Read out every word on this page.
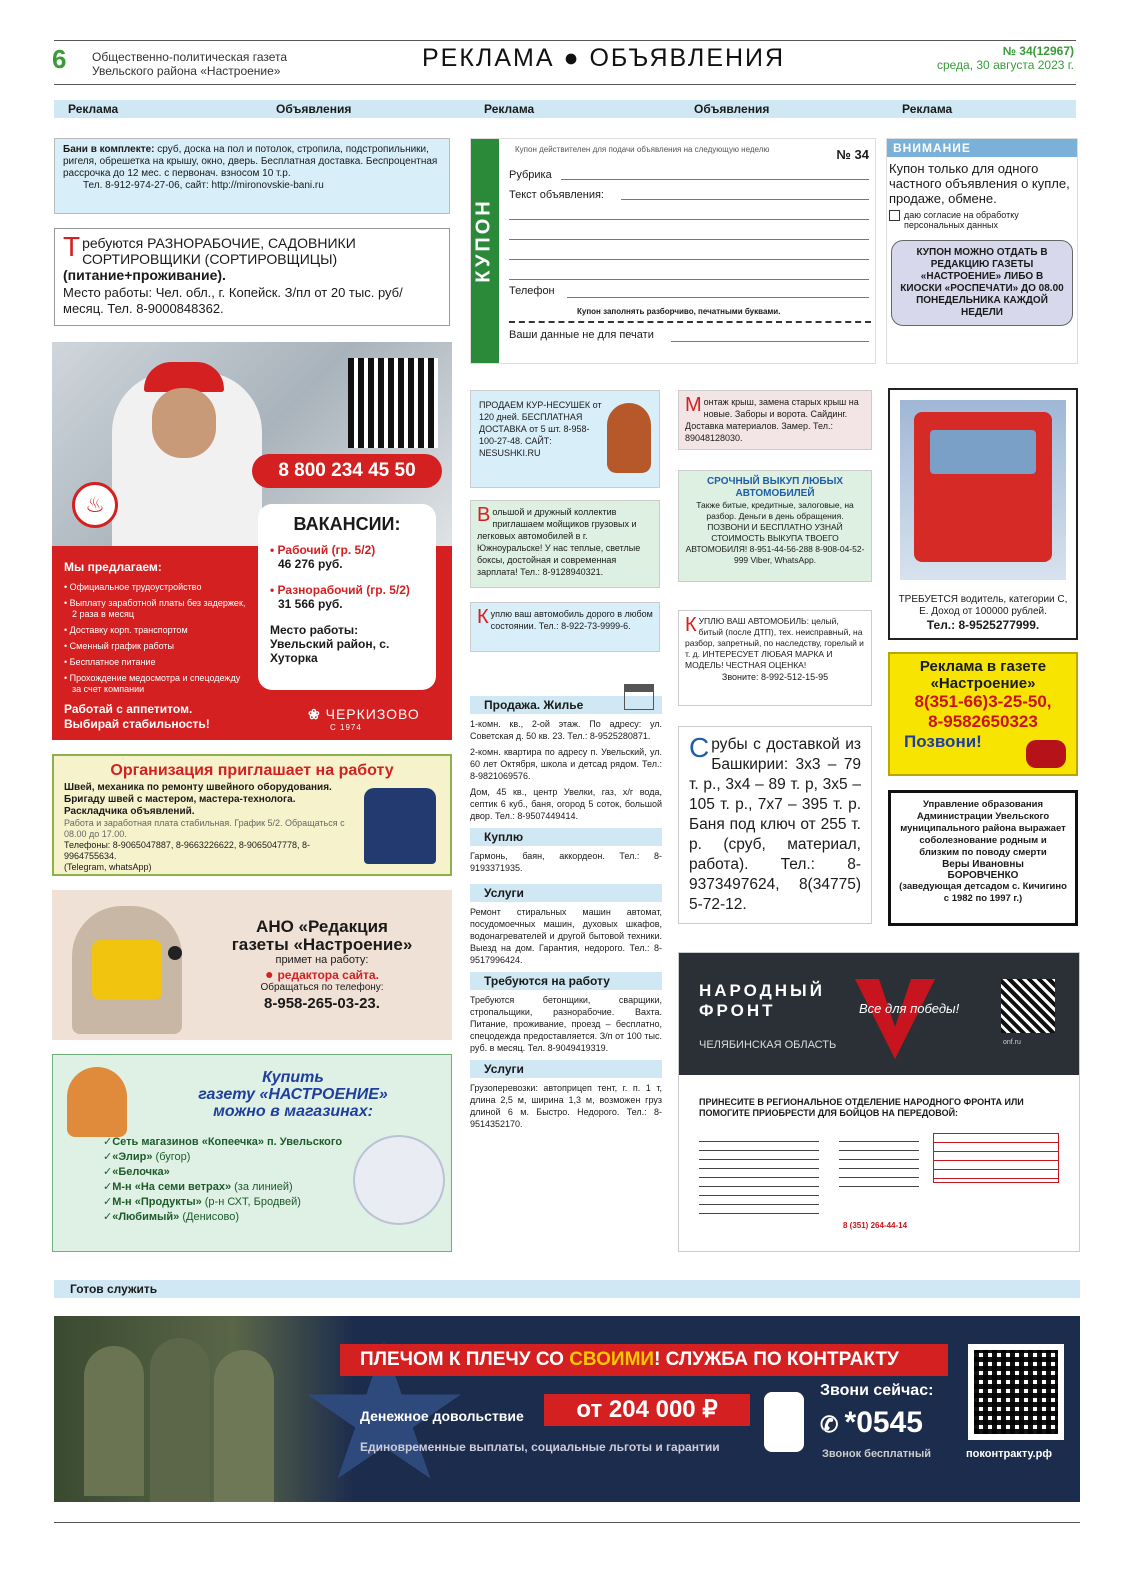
6 Общественно-политическая газета
Увельского района «Настроение»	РЕКЛАМА ● ОБЪЯВЛЕНИЯ	№ 34(12967)
среда, 30 августа 2023 г.
Реклама	Объявления	Реклама	Объявления	Реклама
Бани в комплекте: сруб, доска на пол и потолок, стропила, подстропильники, ригеля, обрешетка на крышу, окно, дверь. Бесплатная доставка. Беспроцентная рассрочка до 12 мес. с первонач. взносом 10 т.р.
Тел. 8-912-974-27-06, сайт: http://mironovskie-bani.ru
Требуются РАЗНОРАБОЧИЕ, САДОВНИКИ СОРТИРОВЩИКИ (СОРТИРОВЩИЦЫ) (питание+проживание).
Место работы: Чел. обл., г. Копейск. З/пл от 20 тыс. руб/месяц. Тел. 8-9000848362.
8 800 234 45 50
♨
ВАКАНСИИ:
• Рабочий (гр. 5/2)
46 276 руб.
• Разнорабочий (гр. 5/2)
31 566 руб.
Место работы: Увельский район, с. Хуторка
Мы предлагаем:
• Официальное трудоустройство
• Выплату заработной платы без задержек, 2 раза в месяц
• Доставку корп. транспортом
• Сменный график работы
• Бесплатное питание
• Прохождение медосмотра и спецодежду за счет компании
Работай с аппетитом.
Выбирай стабильность!
❀ ЧЕРКИЗОВО
С 1974
Организация приглашает на работу
Швей, механика по ремонту швейного оборудования.
Бригаду швей с мастером, мастера-технолога.
Раскладчика объявлений.
Работа и заработная плата стабильная. График 5/2. Обращаться с 08.00 до 17.00.
Телефоны: 8-9065047887, 8-9663226622, 8-9065047778, 8-9964755634.
(Telegram, whatsApp)
АНО «Редакция
газеты «Настроение»
примет на работу:
● редактора сайта.
Обращаться по телефону:
8-958-265-03-23.
Купить
газету «НАСТРОЕНИЕ»
можно в магазинах:
✓Сеть магазинов «Копеечка» п. Увельского
✓«Элир» (бугор)
✓«Белочка»
✓М-н «На семи ветрах» (за линией)
✓М-н «Продукты» (р-н СХТ, Бродвей)
✓«Любимый» (Денисово)
КУПОН
Купон действителен для подачи объявления на следующую неделю	№ 34
Рубрика
Текст объявления:
Телефон
Купон заполнять разборчиво, печатными буквами.
Ваши данные не для печати
ВНИМАНИЕ
Купон только для одного частного объявления о купле, продаже, обмене.
даю согласие на обработку персональных данных
КУПОН МОЖНО ОТДАТЬ В РЕДАКЦИЮ ГАЗЕТЫ «НАСТРОЕНИЕ» ЛИБО В КИОСКИ «РОСПЕЧАТИ» ДО 08.00 ПОНЕДЕЛЬНИКА КАЖДОЙ НЕДЕЛИ
ПРОДАЕМ КУР-НЕСУШЕК от 120 дней. БЕСПЛАТНАЯ ДОСТАВКА от 5 шт. 8-958-100-27-48. САЙТ: NESUSHKI.RU
Монтаж крыш, замена старых крыш на новые. Заборы и ворота. Сайдинг. Доставка материалов. Замер. Тел.: 89048128030.
Вольшой и дружный коллектив приглашаем мойщиков грузовых и легковых автомобилей в г. Южноуральске! У нас теплые, светлые боксы, достойная и современная зарплата! Тел.: 8-9128940321.
СРОЧНЫЙ ВЫКУП ЛЮБЫХ АВТОМОБИЛЕЙ
Также битые, кредитные, залоговые, на разбор. Деньги в день обращения. ПОЗВОНИ И БЕСПЛАТНО УЗНАЙ СТОИМОСТЬ ВЫКУПА ТВОЕГО АВТОМОБИЛЯ! 8-951-44-56-288 8-908-04-52-999 Viber, WhatsApp.
Куплю ваш автомобиль дорого в любом состоянии. Тел.: 8-922-73-9999-6.	КУПЛЮ ВАШ АВТОМОБИЛЬ: целый, битый (после ДТП), тех. неисправный, на разбор, запретный, по наследству, горелый и т. д. ИНТЕРЕСУЕТ ЛЮБАЯ МАРКА И МОДЕЛЬ! ЧЕСТНАЯ ОЦЕНКА!
Звоните: 8-992-512-15-95
ТРЕБУЕТСЯ водитель, категории С, Е. Доход от 100000 рублей.
Тел.: 8-9525277999.
Реклама в газете
«Настроение»
8(351-66)3-25-50,
8-9582650323
Позвони!
Управление образования Администрации Увельского муниципального района выражает соболезнование родным и близким по поводу смерти
Веры Ивановны
БОРОВЧЕНКО
(заведующая детсадом с. Кичигино с 1982 по 1997 г.)
Продажа. Жилье
1-комн. кв., 2-ой этаж. По адресу: ул. Советская д. 50 кв. 23. Тел.: 8-9525280871.
2-комн. квартира по адресу п. Увельский, ул. 60 лет Октября, школа и детсад рядом. Тел.: 8-9821069576.
Дом, 45 кв., центр Увелки, газ, х/г вода, септик 6 куб., баня, огород 5 соток, большой двор. Тел.: 8-9507449414.
Куплю
Гармонь, баян, аккордеон. Тел.: 8-9193371935.
Услуги
Ремонт стиральных машин автомат, посудомоечных машин, духовых шкафов, водонагревателей и другой бытовой техники. Выезд на дом. Гарантия, недорого. Тел.: 8-9517996424.
Требуются на работу
Требуются бетонщики, сварщики, стропальщики, разнорабочие. Вахта. Питание, проживание, проезд – бесплатно, спецодежда предоставляется. З/п от 100 тыс. руб. в месяц. Тел. 8-9049419319.
Услуги
Грузоперевозки: автоприцеп тент, г. п. 1 т, длина 2,5 м, ширина 1,3 м, возможен груз длиной 6 м. Быстро. Недорого. Тел.: 8-9514352170.
Срубы с доставкой из Башкирии: 3х3 – 79 т. р., 3х4 – 89 т. р, 3х5 – 105 т. р., 7х7 – 395 т. р. Баня под ключ от 255 т. р. (сруб, материал, работа). Тел.: 8-9373497624, 8(34775) 5-72-12.
НАРОДНЫЙ
ФРОНТ
ЧЕЛЯБИНСКАЯ ОБЛАСТЬ
Все для победы!
onf.ru
ПРИНЕСИТЕ В РЕГИОНАЛЬНОЕ ОТДЕЛЕНИЕ НАРОДНОГО ФРОНТА ИЛИ ПОМОГИТЕ ПРИОБРЕСТИ ДЛЯ БОЙЦОВ НА ПЕРЕДОВОЙ:
8 (351) 264-44-14
Готов служить
ПЛЕЧОМ К ПЛЕЧУ СО СВОИМИ! СЛУЖБА ПО КОНТРАКТУ
Денежное довольствие	от 204 000 ₽
Единовременные выплаты, социальные льготы и гарантии
Звони сейчас:
✆ *0545
Звонок бесплатный	поконтракту.рф
